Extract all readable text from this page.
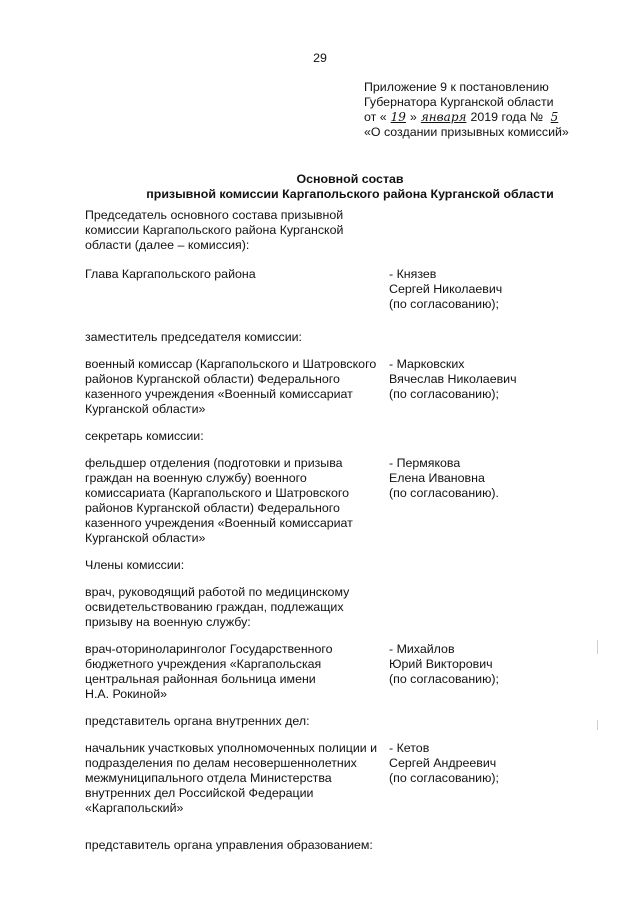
29
Приложение 9 к постановлению
Губернатора Курганской области
от « 19 » января 2019 года № 5
«О создании призывных комиссий»
Основной состав
призывной комиссии Каргапольского района Курганской области
Председатель основного состава призывной
комиссии Каргапольского района Курганской
области (далее – комиссия):
Глава Каргапольского района	- Князев
Сергей Николаевич
(по согласованию);
заместитель председателя комиссии:
военный комиссар (Каргапольского и Шатровского
районов Курганской области) Федерального
казенного учреждения «Военный комиссариат
Курганской области»
- Марковских
Вячеслав Николаевич
(по согласованию);
секретарь комиссии:
фельдшер отделения (подготовки и призыва
граждан на военную службу) военного
комиссариата (Каргапольского и Шатровского
районов Курганской области) Федерального
казенного учреждения «Военный комиссариат
Курганской области»
- Пермякова
Елена Ивановна
(по согласованию).
Члены комиссии:
врач, руководящий работой по медицинскому
освидетельствованию граждан, подлежащих
призыву на военную службу:
врач-оториноларинголог Государственного
бюджетного учреждения «Каргапольская
центральная районная больница имени
Н.А. Рокиной»
- Михайлов
Юрий Викторович
(по согласованию);
представитель органа внутренних дел:
начальник участковых уполномоченных полиции и
подразделения по делам несовершеннолетних
межмуниципального отдела Министерства
внутренних дел Российской Федерации
«Каргапольский»
- Кетов
Сергей Андреевич
(по согласованию);
представитель органа управления образованием:
